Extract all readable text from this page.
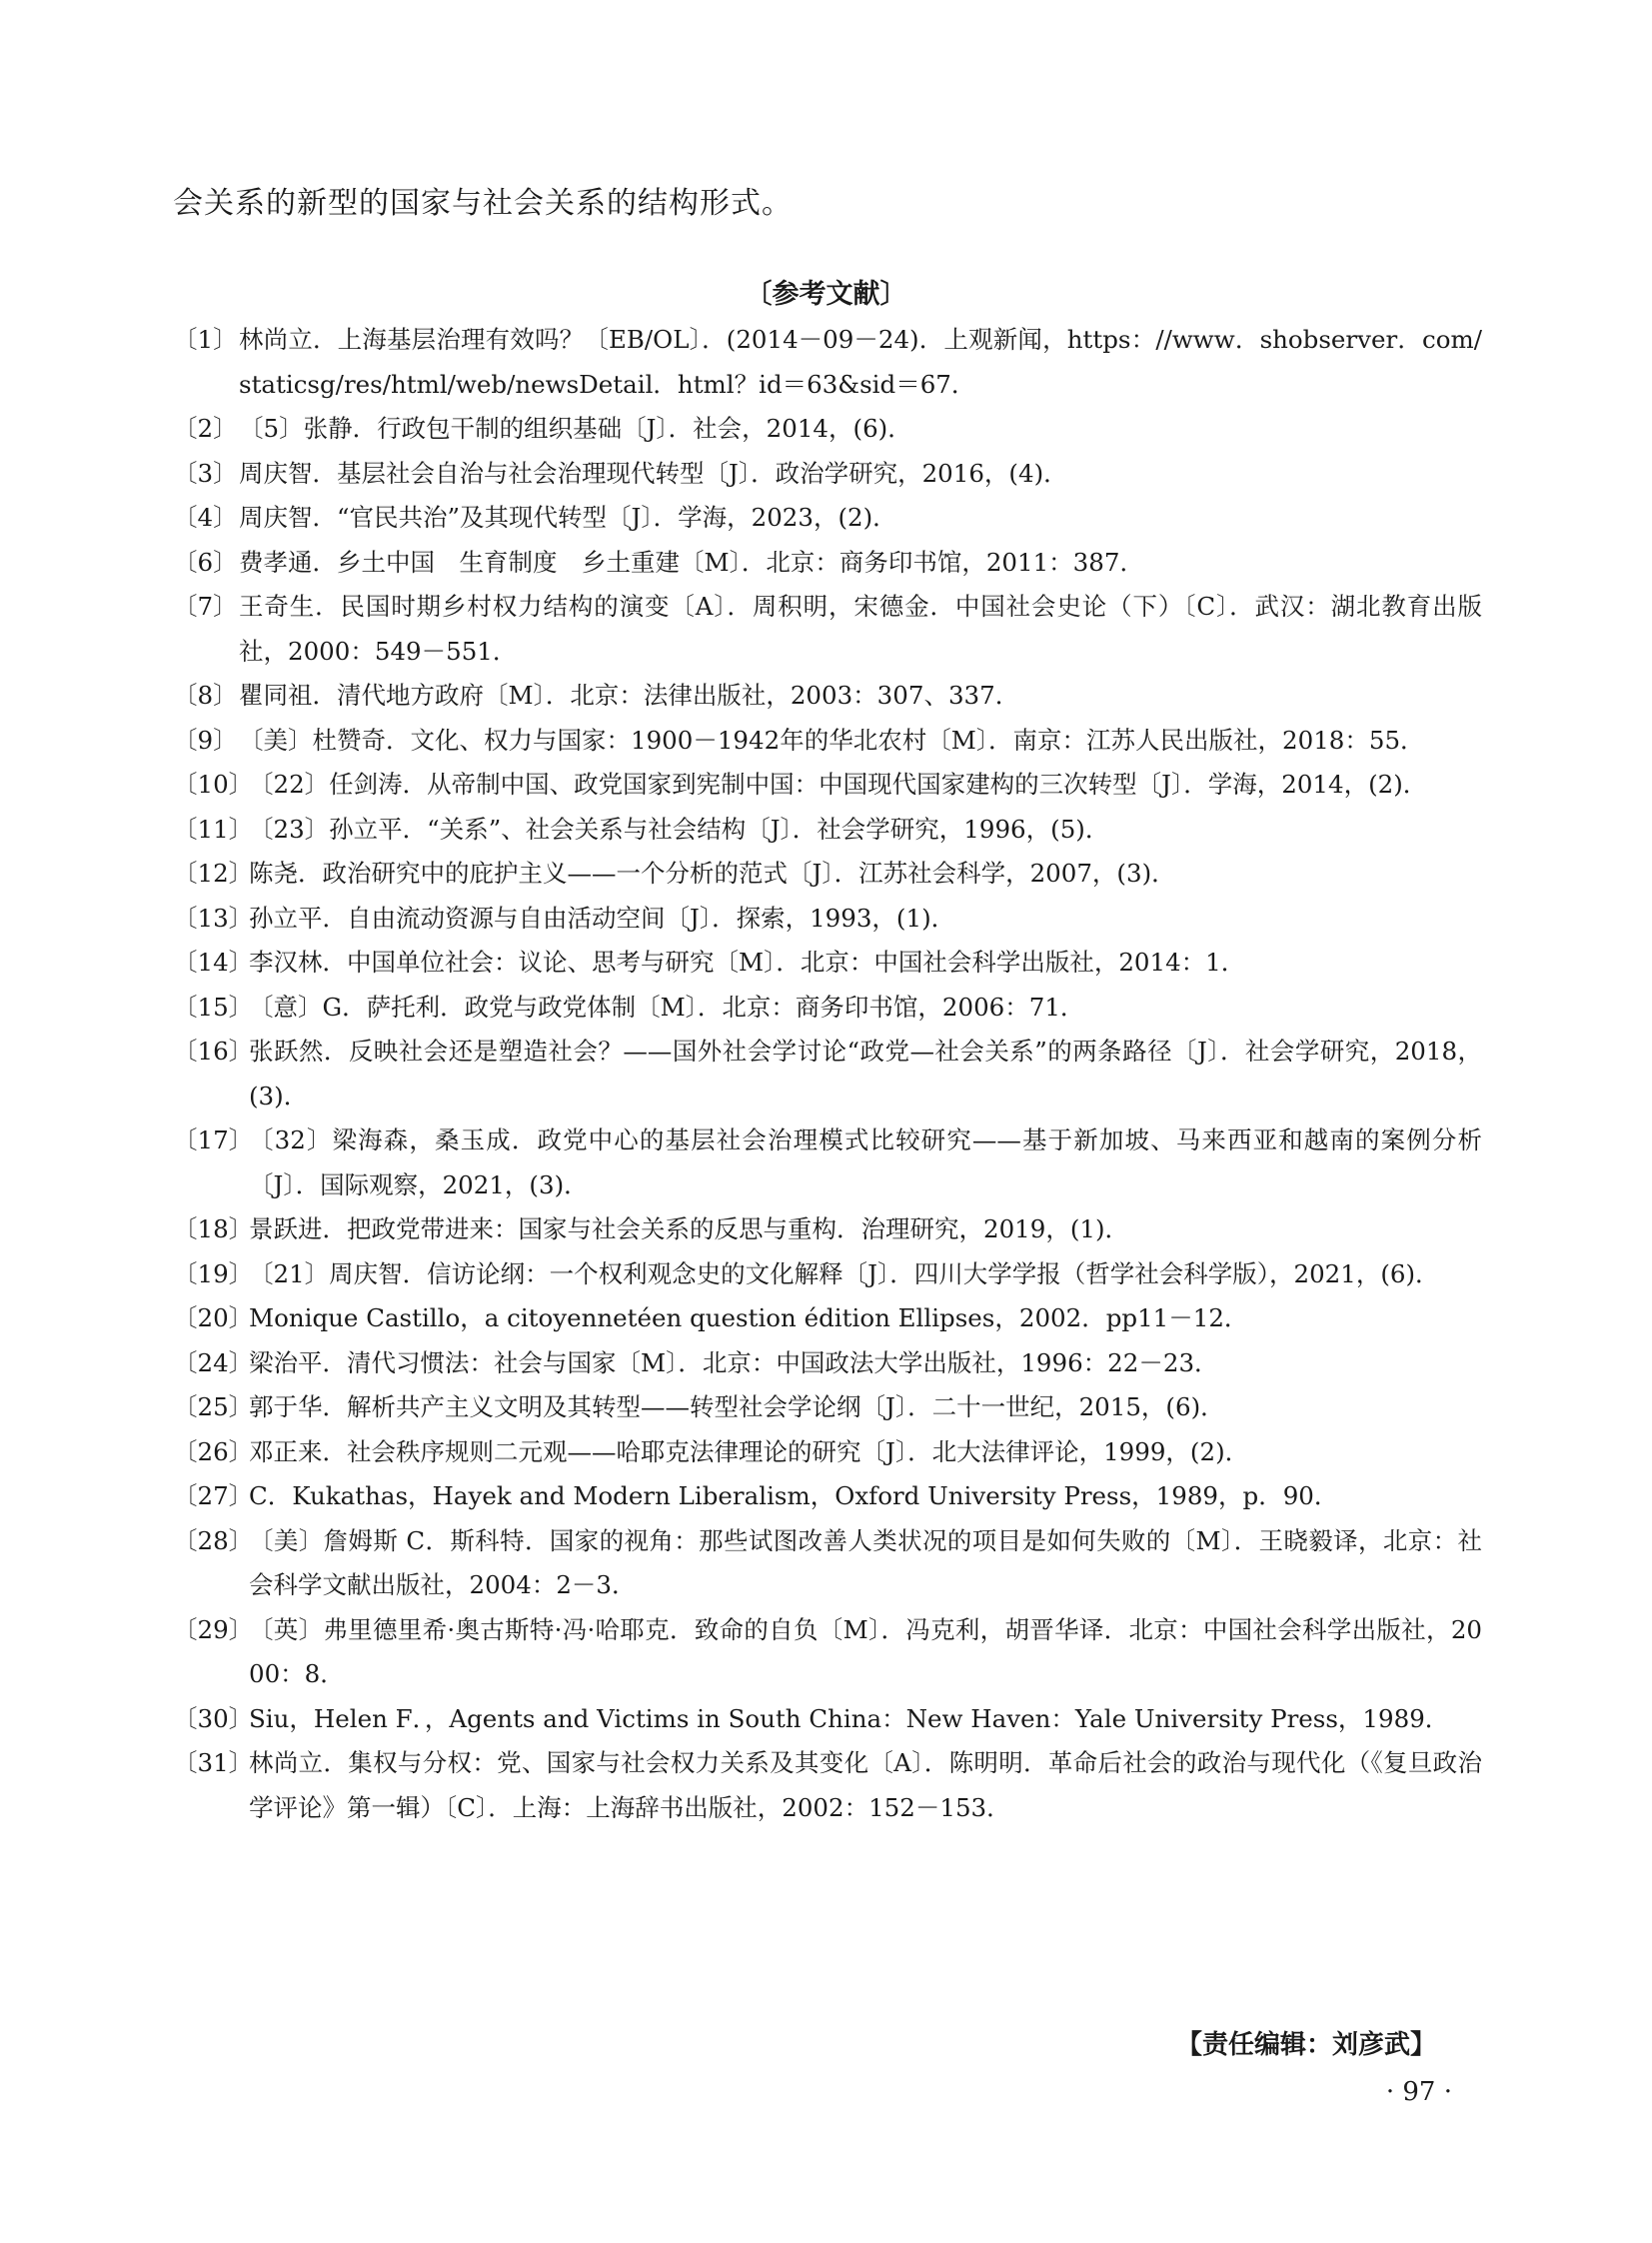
会关系的新型的国家与社会关系的结构形式。
〔参考文献〕
〔1〕 林尚立．上海基层治理有效吗？〔EB/OL〕．(2014－09－24)．上观新闻，https：//www．shobserver．com/staticsg/res/html/web/newsDetail．html？id＝63&sid＝67．
〔2〕 〔5〕张静．行政包干制的组织基础〔J〕．社会，2014，(6)．
〔3〕 周庆智．基层社会自治与社会治理现代转型〔J〕．政治学研究，2016，(4)．
〔4〕 周庆智．“官民共治”及其现代转型〔J〕．学海，2023，(2)．
〔6〕 费孝通．乡土中国　生育制度　乡土重建〔M〕．北京：商务印书馆，2011：387．
〔7〕 王奇生．民国时期乡村权力结构的演变〔A〕．周积明，宋德金．中国社会史论（下）〔C〕．武汉：湖北教育出版社，2000：549－551．
〔8〕 瞿同祖．清代地方政府〔M〕．北京：法律出版社，2003：307、337．
〔9〕 〔美〕杜赞奇．文化、权力与国家：1900－1942年的华北农村〔M〕．南京：江苏人民出版社，2018：55．
〔10〕
〔22〕任剑涛．从帝制中国、政党国家到宪制中国：中国现代国家建构的三次转型〔J〕．学海，2014，(2)．
〔11〕
〔23〕孙立平．“关系”、社会关系与社会结构〔J〕．社会学研究，1996，(5)．
〔12〕
陈尧．政治研究中的庇护主义——一个分析的范式〔J〕．江苏社会科学，2007，(3)．
〔13〕
孙立平．自由流动资源与自由活动空间〔J〕．探索，1993，(1)．
〔14〕
李汉林．中国单位社会：议论、思考与研究〔M〕．北京：中国社会科学出版社，2014：1．
〔15〕
〔意〕G．萨托利．政党与政党体制〔M〕．北京：商务印书馆，2006：71．
〔16〕
张跃然．反映社会还是塑造社会？——国外社会学讨论“政党—社会关系”的两条路径〔J〕．社会学研究，2018，(3)．
〔17〕
〔32〕梁海森，桑玉成．政党中心的基层社会治理模式比较研究——基于新加坡、马来西亚和越南的案例分析〔J〕．国际观察，2021，(3)．
〔18〕
景跃进．把政党带进来：国家与社会关系的反思与重构．治理研究，2019，(1)．
〔19〕
〔21〕周庆智．信访论纲：一个权利观念史的文化解释〔J〕．四川大学学报（哲学社会科学版），2021，(6)．
〔20〕
Monique Castillo，a citoyennetéen question édition Ellipses，2002．pp11－12．
〔24〕
梁治平．清代习惯法：社会与国家〔M〕．北京：中国政法大学出版社，1996：22－23．
〔25〕
郭于华．解析共产主义文明及其转型——转型社会学论纲〔J〕．二十一世纪，2015，(6)．
〔26〕
邓正来．社会秩序规则二元观——哈耶克法律理论的研究〔J〕．北大法律评论，1999，(2)．
〔27〕
C．Kukathas，Hayek and Modern Liberalism，Oxford University Press，1989，p．90．
〔28〕
〔美〕詹姆斯 C．斯科特．国家的视角：那些试图改善人类状况的项目是如何失败的〔M〕．王晓毅译，北京：社会科学文献出版社，2004：2－3．
〔29〕
〔英〕弗里德里希·奥古斯特·冯·哈耶克．致命的自负〔M〕．冯克利，胡晋华译．北京：中国社会科学出版社，2000：8．
〔30〕
Siu，Helen F．，Agents and Victims in South China：New Haven：Yale University Press，1989．
〔31〕
林尚立．集权与分权：党、国家与社会权力关系及其变化〔A〕．陈明明．革命后社会的政治与现代化（《复旦政治学评论》第一辑）〔C〕．上海：上海辞书出版社，2002：152－153．
【责任编辑：刘彦武】
· 97 ·
